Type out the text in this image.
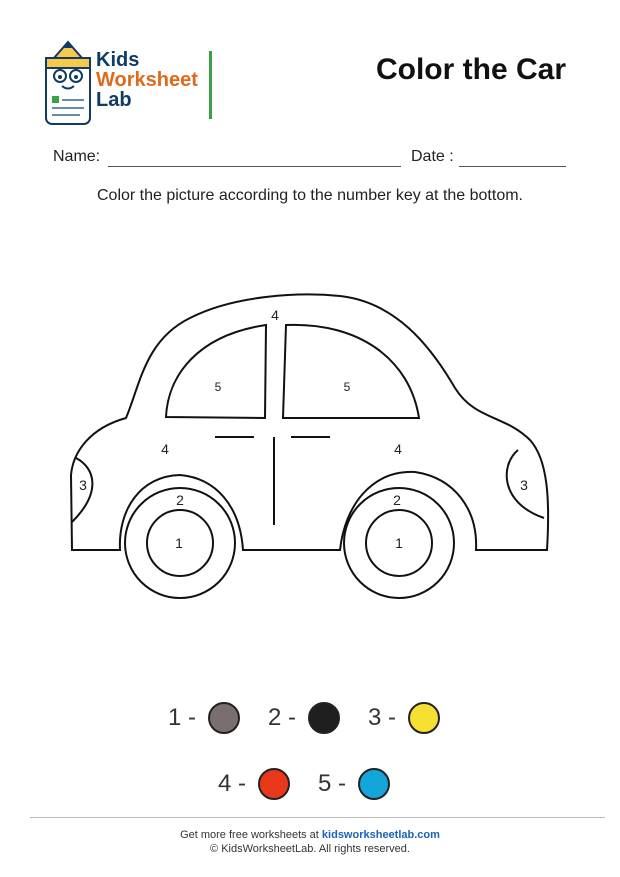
Kids
Worksheet
Lab
Color the Car
Name:	Date :
Color the picture according to the number key at the bottom.
4
5	5
4	4
3	3
2	2
1	1
1 -	2 -	3 -
4 -	5 -
Get more free worksheets at kidsworksheetlab.com
© KidsWorksheetLab. All rights reserved.
